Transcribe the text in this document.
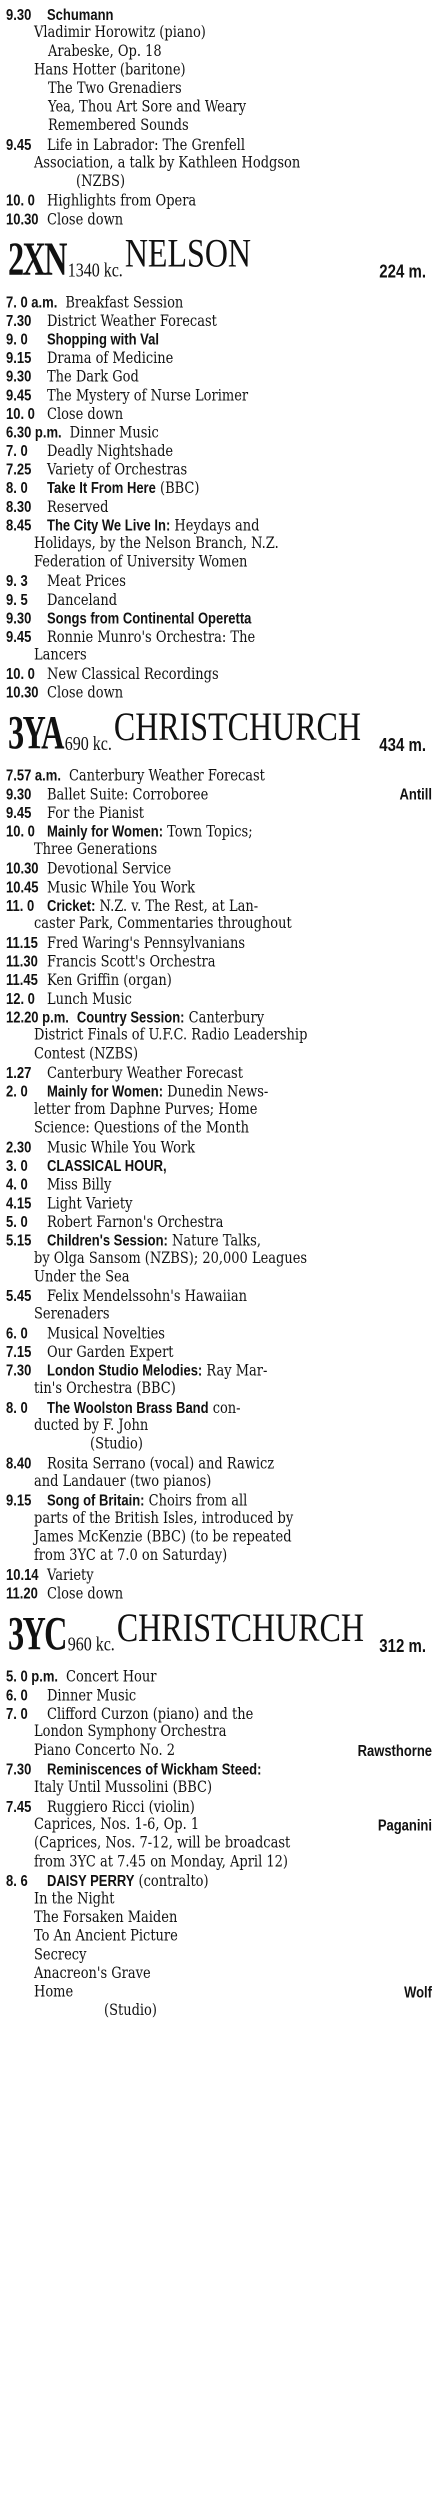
9.30 Schumann
Vladimir Horowitz (piano)
Arabeske, Op. 18
Hans Hotter (baritone)
The Two Grenadiers
Yea, Thou Art Sore and Weary
Remembered Sounds
9.45 Life in Labrador: The Grenfell
Association, a talk by Kathleen Hodgson
(NZBS)
10. 0 Highlights from Opera
10.30 Close down
2XN 1340 kc. NELSON	224 m.
7. 0 a.m. Breakfast Session
7.30 District Weather Forecast
9. 0 Shopping with Val
9.15 Drama of Medicine
9.30 The Dark God
9.45 The Mystery of Nurse Lorimer
10. 0 Close down
6.30 p.m. Dinner Music
7. 0 Deadly Nightshade
7.25 Variety of Orchestras
8. 0 Take It From Here (BBC)
8.30 Reserved
8.45 The City We Live In: Heydays and
Holidays, by the Nelson Branch, N.Z.
Federation of University Women
9. 3 Meat Prices
9. 5 Danceland
9.30 Songs from Continental Operetta
9.45 Ronnie Munro's Orchestra: The
Lancers
10. 0 New Classical Recordings
10.30 Close down
3YA 690 kc. CHRISTCHURCH 434 m.
7.57 a.m. Canterbury Weather Forecast
9.30 Ballet Suite: Corroboree	Antill
9.45 For the Pianist
10. 0 Mainly for Women: Town Topics;
Three Generations
10.30 Devotional Service
10.45 Music While You Work
11. 0 Cricket: N.Z. v. The Rest, at Lan-
caster Park, Commentaries throughout
11.15 Fred Waring's Pennsylvanians
11.30 Francis Scott's Orchestra
11.45 Ken Griffin (organ)
12. 0 Lunch Music
12.20 p.m. Country Session: Canterbury
District Finals of U.F.C. Radio Leadership
Contest (NZBS)
1.27 Canterbury Weather Forecast
2. 0 Mainly for Women: Dunedin News-
letter from Daphne Purves; Home
Science: Questions of the Month
2.30 Music While You Work
3. 0 CLASSICAL HOUR,
4. 0 Miss Billy
4.15 Light Variety
5. 0 Robert Farnon's Orchestra
5.15 Children's Session: Nature Talks,
by Olga Sansom (NZBS); 20,000 Leagues
Under the Sea
5.45 Felix Mendelssohn's Hawaiian
Serenaders
6. 0 Musical Novelties
7.15 Our Garden Expert
7.30 London Studio Melodies: Ray Mar-
tin's Orchestra (BBC)
8. 0 The Woolston Brass Band con-
ducted by F. John
(Studio)
8.40 Rosita Serrano (vocal) and Rawicz
and Landauer (two pianos)
9.15 Song of Britain: Choirs from all
parts of the British Isles, introduced by
James McKenzie (BBC) (to be repeated
from 3YC at 7.0 on Saturday)
10.14 Variety
11.20 Close down
3YC 960 kc. CHRISTCHURCH 312 m.
5. 0 p.m. Concert Hour
6. 0 Dinner Music
7. 0 Clifford Curzon (piano) and the
London Symphony Orchestra
Piano Concerto No. 2	Rawsthorne
7.30 Reminiscences of Wickham Steed:
Italy Until Mussolini (BBC)
7.45 Ruggiero Ricci (violin)
Caprices, Nos. 1-6, Op. 1	Paganini
(Caprices, Nos. 7-12, will be broadcast
from 3YC at 7.45 on Monday, April 12)
8. 6 DAISY PERRY (contralto)
In the Night
The Forsaken Maiden
To An Ancient Picture
Secrecy
Anacreon's Grave
Home	Wolf
(Studio)
